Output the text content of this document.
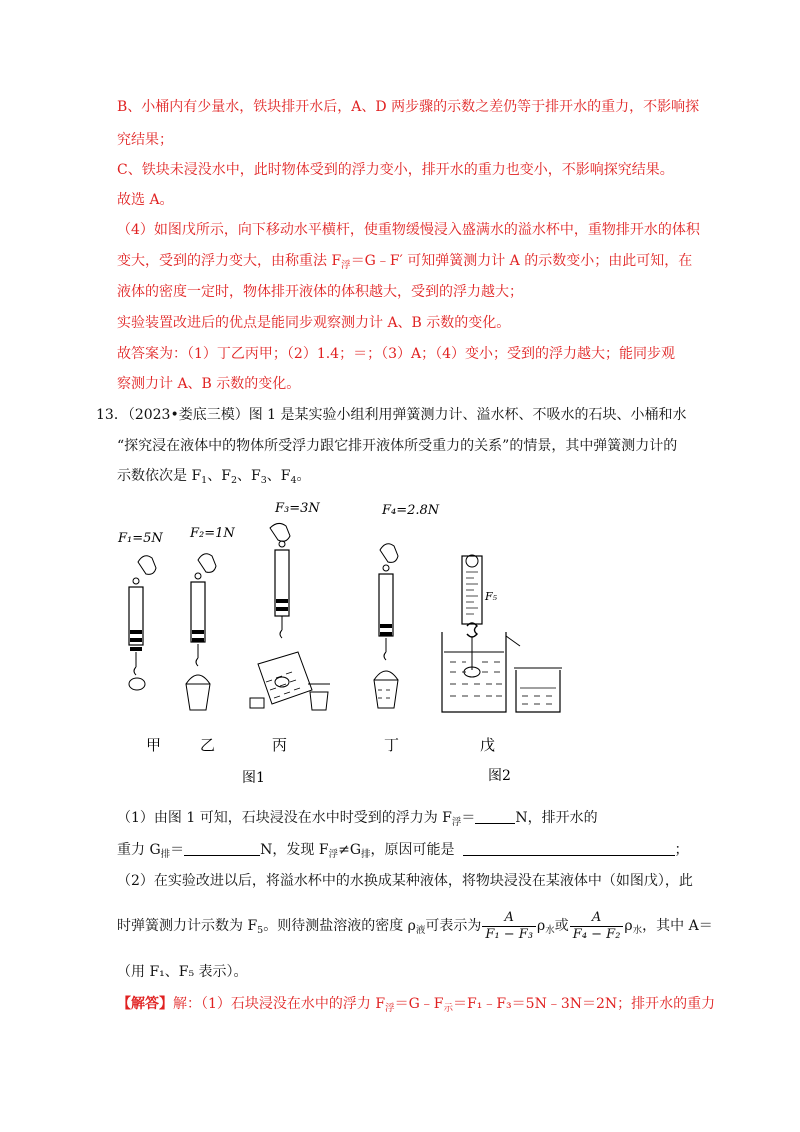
B、小桶内有少量水，铁块排开水后，A、D 两步骤的示数之差仍等于排开水的重力，不影响探
究结果；
C、铁块未浸没水中，此时物体受到的浮力变小，排开水的重力也变小，不影响探究结果。
故选 A。
（4）如图戊所示，向下移动水平横杆，使重物缓慢浸入盛满水的溢水杯中，重物排开水的体积
变大，受到的浮力变大，由称重法 $F_浮=G﹣F'$ 可知弹簧测力计 A 的示数变小；由此可知，在
液体的密度一定时，物体排开液体的体积越大，受到的浮力越大；
实验装置改进后的优点是能同步观察测力计 A、B 示数的变化。
故答案为：（1）丁乙丙甲；（2）1.4；＝；（3）A；（4）变小；受到的浮力越大；能同步观
察测力计 A、B 示数的变化。
13．（2023•娄底三模）图 1 是某实验小组利用弹簧测力计、溢水杯、不吸水的石块、小桶和水
“探究浸在液体中的物体所受浮力跟它排开液体所受重力的关系”的情景，其中弹簧测力计的
示数依次是 $F_1$、$F_2$、$F_3$、$F_4$。
F₁=5N
甲
F₂=1N
乙
F₃=3N
丙
F₄=2.8N
丁
F₅
戊
图1	图2
（1）由图 1 可知，石块浸没在水中时受到的浮力为 $F_浮=$	N，排开水的
重力 $G_排=$	N，发现 $F_浮\ne G_排$，原因可能是	；
（2）在实验改进以后，将溢水杯中的水换成某种液体，将物块浸没在某液体中（如图戊），此
时弹簧测力计示数为 $F_5$。则待测盐溶液的密度 $\rho_液$可表示为 $\frac{A}{\text{F₁ − F₃}} \rho_水$或 $\frac{A}{\text{F₄ − F₂}} \rho_水$，其中 A＝
（用 F₁、F₅ 表示）。
【解答】解：（1）石块浸没在水中的浮力 $F_浮=G﹣F_示=F_1﹣F_3=5N﹣3N=2N$；排开水的重力
